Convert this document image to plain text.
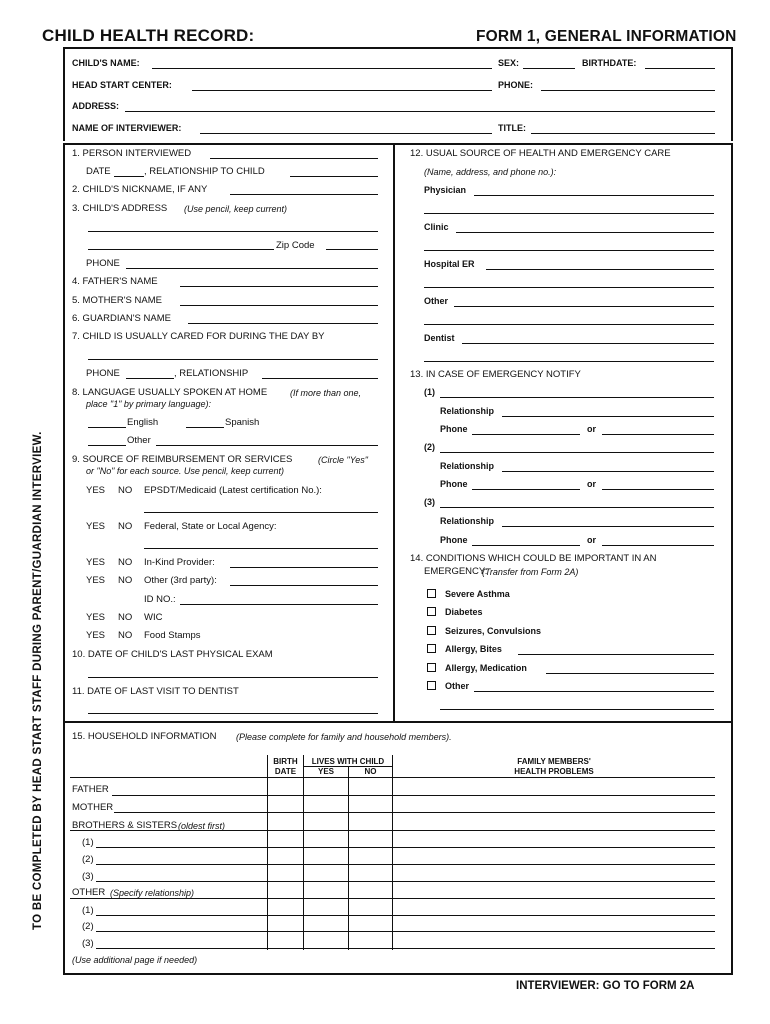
CHILD HEALTH RECORD:	FORM 1, GENERAL INFORMATION
TO BE COMPLETED BY HEAD START STAFF DURING PARENT/GUARDIAN INTERVIEW.
CHILD'S NAME:	SEX:	BIRTHDATE:
HEAD START CENTER:	PHONE:
ADDRESS:
NAME OF INTERVIEWER:	TITLE:
1. PERSON INTERVIEWED
DATE	, RELATIONSHIP TO CHILD
2. CHILD'S NICKNAME, IF ANY
3. CHILD'S ADDRESS (Use pencil, keep current)
Zip Code
PHONE
4. FATHER'S NAME
5. MOTHER'S NAME
6. GUARDIAN'S NAME
7. CHILD IS USUALLY CARED FOR DURING THE DAY BY
PHONE	, RELATIONSHIP
8. LANGUAGE USUALLY SPOKEN AT HOME	(If more than one,
place "1" by primary language):
English	Spanish
Other
9. SOURCE OF REIMBURSEMENT OR SERVICES	(Circle "Yes"
or "No" for each source. Use pencil, keep current)
YES NO EPSDT/Medicaid (Latest certification No.):
YES NO Federal, State or Local Agency:
YES NO In-Kind Provider:
YES NO Other (3rd party):
ID NO.:
YES NO WIC
YES NO Food Stamps
10. DATE OF CHILD'S LAST PHYSICAL EXAM
11. DATE OF LAST VISIT TO DENTIST
12. USUAL SOURCE OF HEALTH AND EMERGENCY CARE
(Name, address, and phone no.):
Physician
Clinic
Hospital ER
Other
Dentist
13. IN CASE OF EMERGENCY NOTIFY
(1)
Relationship
Phone	or
(2)
Relationship
Phone	or
(3)
Relationship
Phone	or
14. CONDITIONS WHICH COULD BE IMPORTANT IN AN
EMERGENCY:
(Transfer from Form 2A)
Severe Asthma
Diabetes
Seizures, Convulsions
Allergy, Bites
Allergy, Medication
Other
15. HOUSEHOLD INFORMATION (Please complete for family and household members).
BIRTH
DATE
LIVES WITH CHILD
YES	NO
FAMILY MEMBERS'
HEALTH PROBLEMS
FATHER
MOTHER
BROTHERS & SISTERS (oldest first)
(1)
(2)
(3)
OTHER (Specify relationship)
(1)
(2)
(3)
(Use additional page if needed)
INTERVIEWER: GO TO FORM 2A
